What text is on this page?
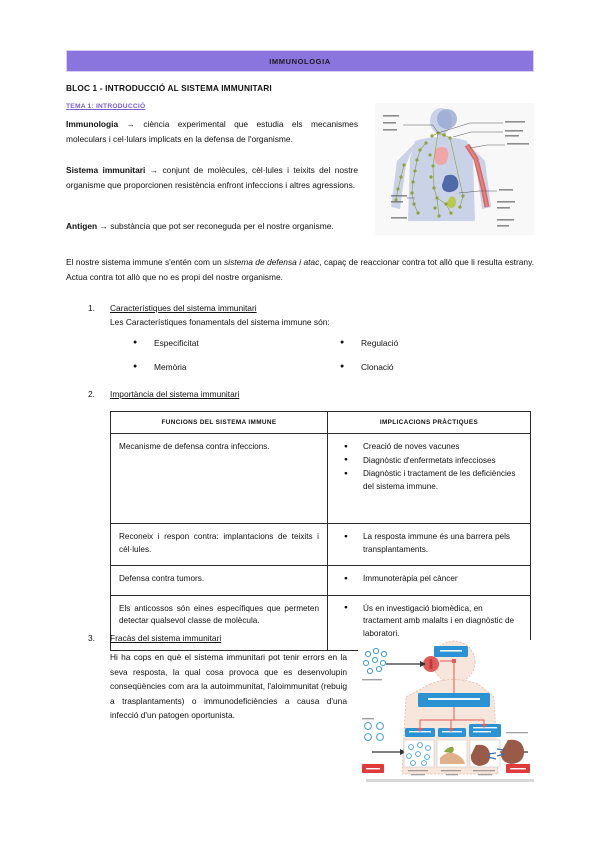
IMMUNOLOGIA
BLOC 1 - INTRODUCCIÓ AL SISTEMA IMMUNITARI
TEMA 1: INTRODUCCIÓ
Immunologia → ciència experimental que estudia els mecanismes moleculars i cel·lulars implicats en la defensa de l'organisme.
Sistema immunitari → conjunt de molècules, cèl·lules i teixits del nostre organisme que proporcionen resistència enfront infeccions i altres agressions.
Antigen → substància que pot ser reconeguda per el nostre organisme.
El nostre sistema immune s'entén com un sistema de defensa i atac, capaç de reaccionar contra tot allò que li resulta estrany. Actua contra tot allò que no es propi del nostre organisme.
1. Característiques del sistema immunitari
Les Característiques fonamentals del sistema immune són:
● Especificitat
● Memòria
● Regulació
● Clonació
2. Importància del sistema immunitari
FUNCIONS DEL SISTEMA IMMUNE	IMPLICACIONS PRÀCTIQUES
Mecanisme de defensa contra infeccions.	
●Creació de noves vacunes
● Diagnòstic d'enfermetats infeccioses
● Diagnòstic i tractament de les deficiències del sistema immune.

Reconeix i respon contra: implantacions de teixits i cèl·lules.	
● La resposta immune és una barrera pels transplantaments.

Defensa contra tumors.	
●Immunoteràpia pel càncer

Els anticossos són eines específiques que permeten detectar qualsevol classe de molècula.	
● Ús en investigació biomèdica, en tractament amb malalts i en diagnòstic de laboratori.
3. Fracàs del sistema immunitari
Hi ha cops en què el sistema immunitari pot tenir errors en la seva resposta, la qual cosa provoca que es desenvolupin conseqüències com ara la autoimmunitat, l'aloimmunitat (rebuig a trasplantaments) o immunodeficiències a causa d'una infecció d'un patogen oportunista.
